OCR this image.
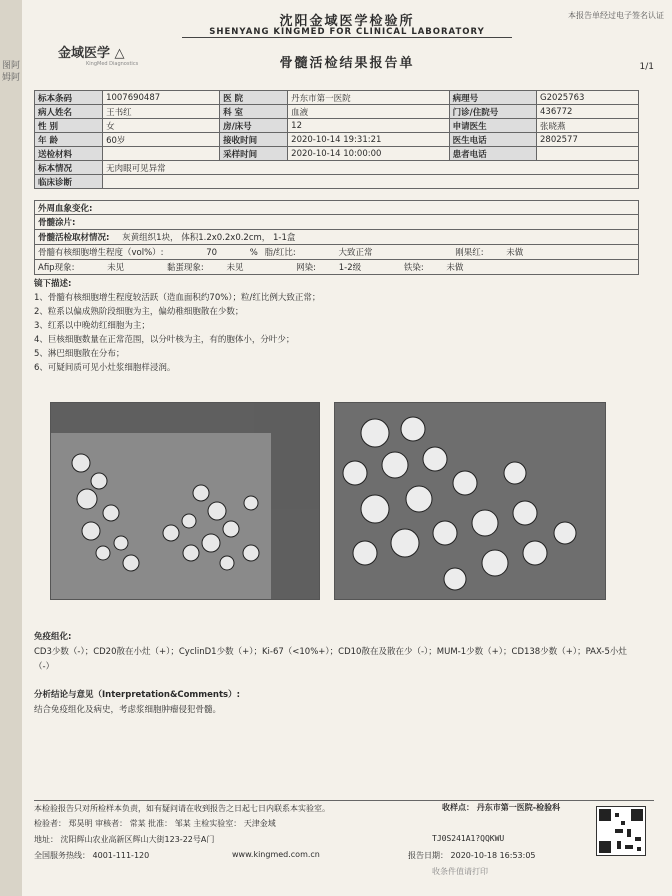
沈阳金域医学检验所
SHENYANG KINGMED FOR CLINICAL LABORATORY
本报告单经过电子签名认证
金域医学 △
KingMed Diagnostics	骨髓活检结果报告单	1/1
标本条码	1007690487	医 院	丹东市第一医院	病理号	G2025763
病人姓名	王书红	科 室	血液	门诊/住院号	436772
性 别	女	房/床号	12	申请医生	张晓燕
年 龄	60岁	接收时间	2020-10-14 19:31:21	医生电话	2802577
送检材料		采样时间	2020-10-14 10:00:00	患者电话	
标本情况	无肉眼可见异常				
临床诊断					
外周血象变化:
骨髓涂片:
骨髓活检取材情况: 灰黄组织1块， 体积1.2x0.2x0.2cm， 1-1盒
骨髓有核细胞增生程度（vol%）:	70	% 脂/红比:	大致正常	刚果红:	未做
Afip现象:	未见	黏蛋现象:	未见	网染:	1-2级	铁染:	未做
镜下描述:
1、骨髓有核细胞增生程度较活跃（造血面积约70%）；粒/红比例大致正常；
2、粒系以偏成熟阶段细胞为主，偏幼稚细胞散在少数；
3、红系以中晚幼红细胞为主；
4、巨核细胞数量在正常范围，以分叶核为主，有的胞体小，分叶少；
5、淋巴细胞散在分布；
6、可疑间质可见小灶浆细胞样浸润。
免疫组化:
CD3少数（-）；CD20散在小灶（+）；CyclinD1少数（+）；Ki-67（<10%+）；CD10散在及散在少（-）；MUM-1少数（+）；CD138少数（+）；PAX-5小灶（-）
分析结论与意见（Interpretation&Comments）:
结合免疫组化及病史，考虑浆细胞肿瘤侵犯骨髓。
本检验报告只对所检样本负责，如有疑问请在收到报告之日起七日内联系本实验室。	收样点： 丹东市第一医院-检验科
检验者： 郑昊明 审核者： 常某 批准： 邹某 主检实验室： 天津金域
地址： 沈阳辉山农业高新区辉山大街123-22号A门	TJ0S241A1?QQKWU
全国服务热线： 4001-111-120	www.kingmed.com.cn	报告日期： 2020-10-18 16:53:05
收条件值请打印
图阿姆阿
